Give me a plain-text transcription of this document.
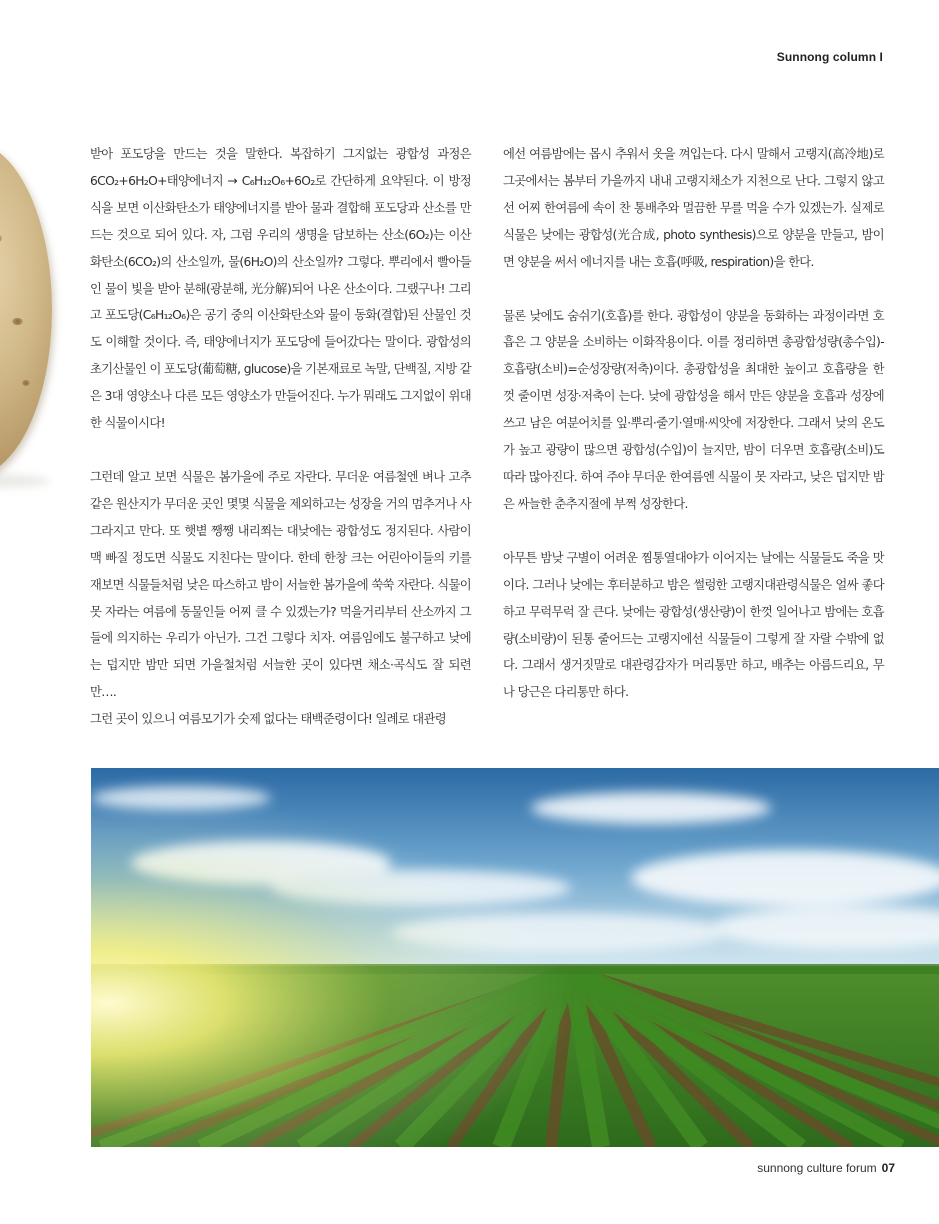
Sunnong column I

받아 포도당을 만드는 것을 말한다. 복잡하기 그지없는 광합성 과정은 6CO₂+6H₂O+태양에너지 → C₆H₁₂O₆+6O₂로 간단하게 요약된다. 이 방정식을 보면 이산화탄소가 태양에너지를 받아 물과 결합해 포도당과 산소를 만드는 것으로 되어 있다. 자, 그럼 우리의 생명을 담보하는 산소(6O₂)는 이산화탄소(6CO₂)의 산소일까, 물(6H₂O)의 산소일까? 그렇다. 뿌리에서 빨아들인 물이 빛을 받아 분해(광분해, 光分解)되어 나온 산소이다. 그랬구나! 그리고 포도당(C₆H₁₂O₆)은 공기 중의 이산화탄소와 물이 동화(결합)된 산물인 것도 이해할 것이다. 즉, 태양에너지가 포도당에 들어갔다는 말이다. 광합성의 초기산물인 이 포도당(葡萄糖, glucose)을 기본재료로 녹말, 단백질, 지방 같은 3대 영양소나 다른 모든 영양소가 만들어진다. 누가 뭐래도 그지없이 위대한 식물이시다!

그런데 알고 보면 식물은 봄가을에 주로 자란다. 무더운 여름철엔 벼나 고추 같은 원산지가 무더운 곳인 몇몇 식물을 제외하고는 성장을 거의 멈추거나 사그라지고 만다. 또 햇볕 쨍쨍 내리쬐는 대낮에는 광합성도 정지된다. 사람이 맥 빠질 정도면 식물도 지친다는 말이다. 한데 한창 크는 어린아이들의 키를 재보면 식물들처럼 낮은 따스하고 밤이 서늘한 봄가을에 쑥쑥 자란다. 식물이 못 자라는 여름에 동물인들 어찌 클 수 있겠는가? 먹을거리부터 산소까지 그들에 의지하는 우리가 아닌가. 그건 그렇다 치자. 여름임에도 불구하고 낮에는 덥지만 밤만 되면 가을철처럼 서늘한 곳이 있다면 채소·곡식도 잘 되련만….

그런 곳이 있으니 여름모기가 숫제 없다는 태백준령이다! 일례로 대관령

에선 여름밤에는 몹시 추워서 옷을 껴입는다. 다시 말해서 고랭지(高冷地)로 그곳에서는 봄부터 가을까지 내내 고랭지채소가 지천으로 난다. 그렇지 않고선 어찌 한여름에 속이 찬 통배추와 멀끔한 무를 먹을 수가 있겠는가. 실제로 식물은 낮에는 광합성(光合成, photo synthesis)으로 양분을 만들고, 밤이면 양분을 써서 에너지를 내는 호흡(呼吸, respiration)을 한다.

물론 낮에도 숨쉬기(호흡)를 한다. 광합성이 양분을 동화하는 과정이라면 호흡은 그 양분을 소비하는 이화작용이다. 이를 정리하면 총광합성량(총수입)-호흡량(소비)=순성장량(저축)이다. 총광합성을 최대한 높이고 호흡량을 한껏 줄이면 성장·저축이 는다. 낮에 광합성을 해서 만든 양분을 호흡과 성장에 쓰고 남은 여분어치를 잎·뿌리·줄기·열매·씨앗에 저장한다. 그래서 낮의 온도가 높고 광량이 많으면 광합성(수입)이 늘지만, 밤이 더우면 호흡량(소비)도 따라 많아진다. 하여 주야 무더운 한여름엔 식물이 못 자라고, 낮은 덥지만 밤은 싸늘한 춘추지절에 부쩍 성장한다.

아무튼 밤낮 구별이 어려운 찜통열대야가 이어지는 날에는 식물들도 죽을 맛이다. 그러나 낮에는 후터분하고 밤은 썰렁한 고랭지대관령식물은 얼싸 좋다 하고 무럭무럭 잘 큰다. 낮에는 광합성(생산량)이 한껏 일어나고 밤에는 호흡량(소비량)이 된통 줄어드는 고랭지에선 식물들이 그렇게 잘 자랄 수밖에 없다. 그래서 생거짓말로 대관령감자가 머리통만 하고, 배추는 아름드리요, 무나 당근은 다리통만 하다.

sunnong culture forum 07
